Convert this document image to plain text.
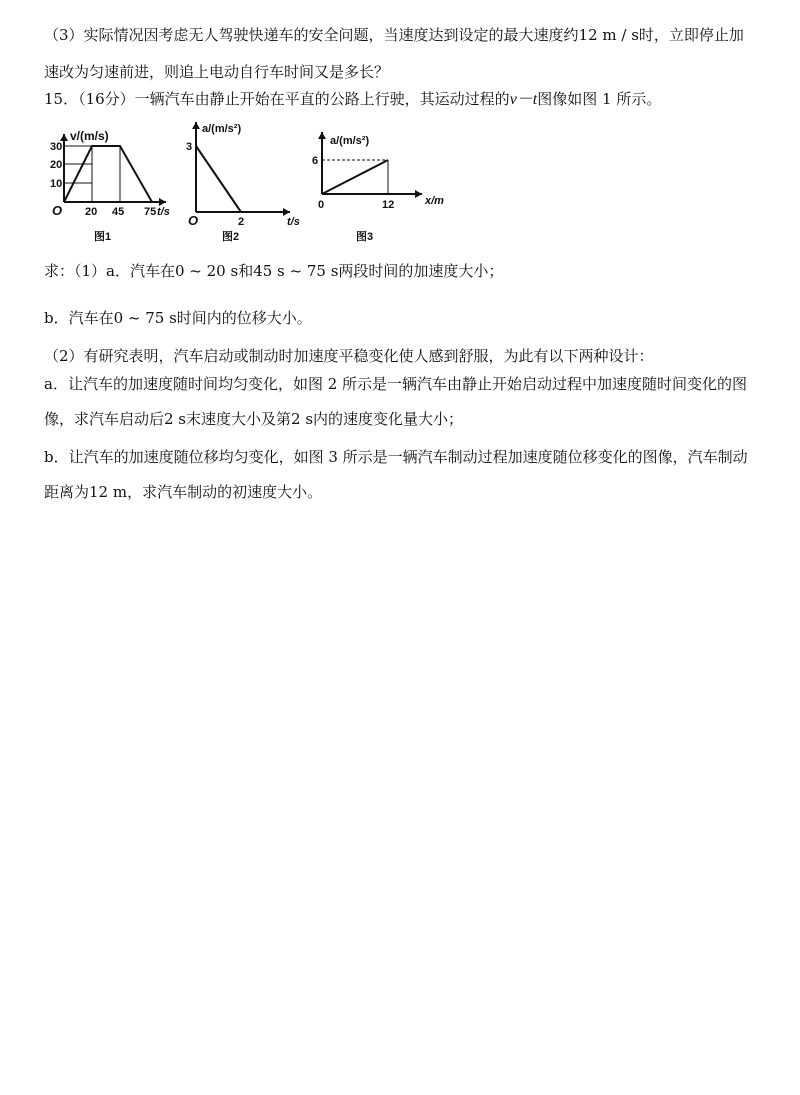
（3）实际情况因考虑无人驾驶快递车的安全问题，当速度达到设定的最大速度约12 m / s时，立即停止加
速改为匀速前进，则追上电动自行车时间又是多长？
15．（16分）一辆汽车由静止开始在平直的公路上行驶，其运动过程的v－t图像如图 1 所示。
v/(m/s)
30
20
10
O 20 45 75 t/s
图1
a/(m/s²)
3
O	2	t/s
图2
a/(m/s²)
6
0	12	x/m
图3
求：（1）a．汽车在0 ~ 20 s和45 s ~ 75 s两段时间的加速度大小；
b．汽车在0 ~ 75 s时间内的位移大小。
（2）有研究表明，汽车启动或制动时加速度平稳变化使人感到舒服，为此有以下两种设计：
a．让汽车的加速度随时间均匀变化，如图 2 所示是一辆汽车由静止开始启动过程中加速度随时间变化的图
像，求汽车启动后2 s末速度大小及第2 s内的速度变化量大小；
b．让汽车的加速度随位移均匀变化，如图 3 所示是一辆汽车制动过程加速度随位移变化的图像，汽车制动
距离为12 m，求汽车制动的初速度大小。
